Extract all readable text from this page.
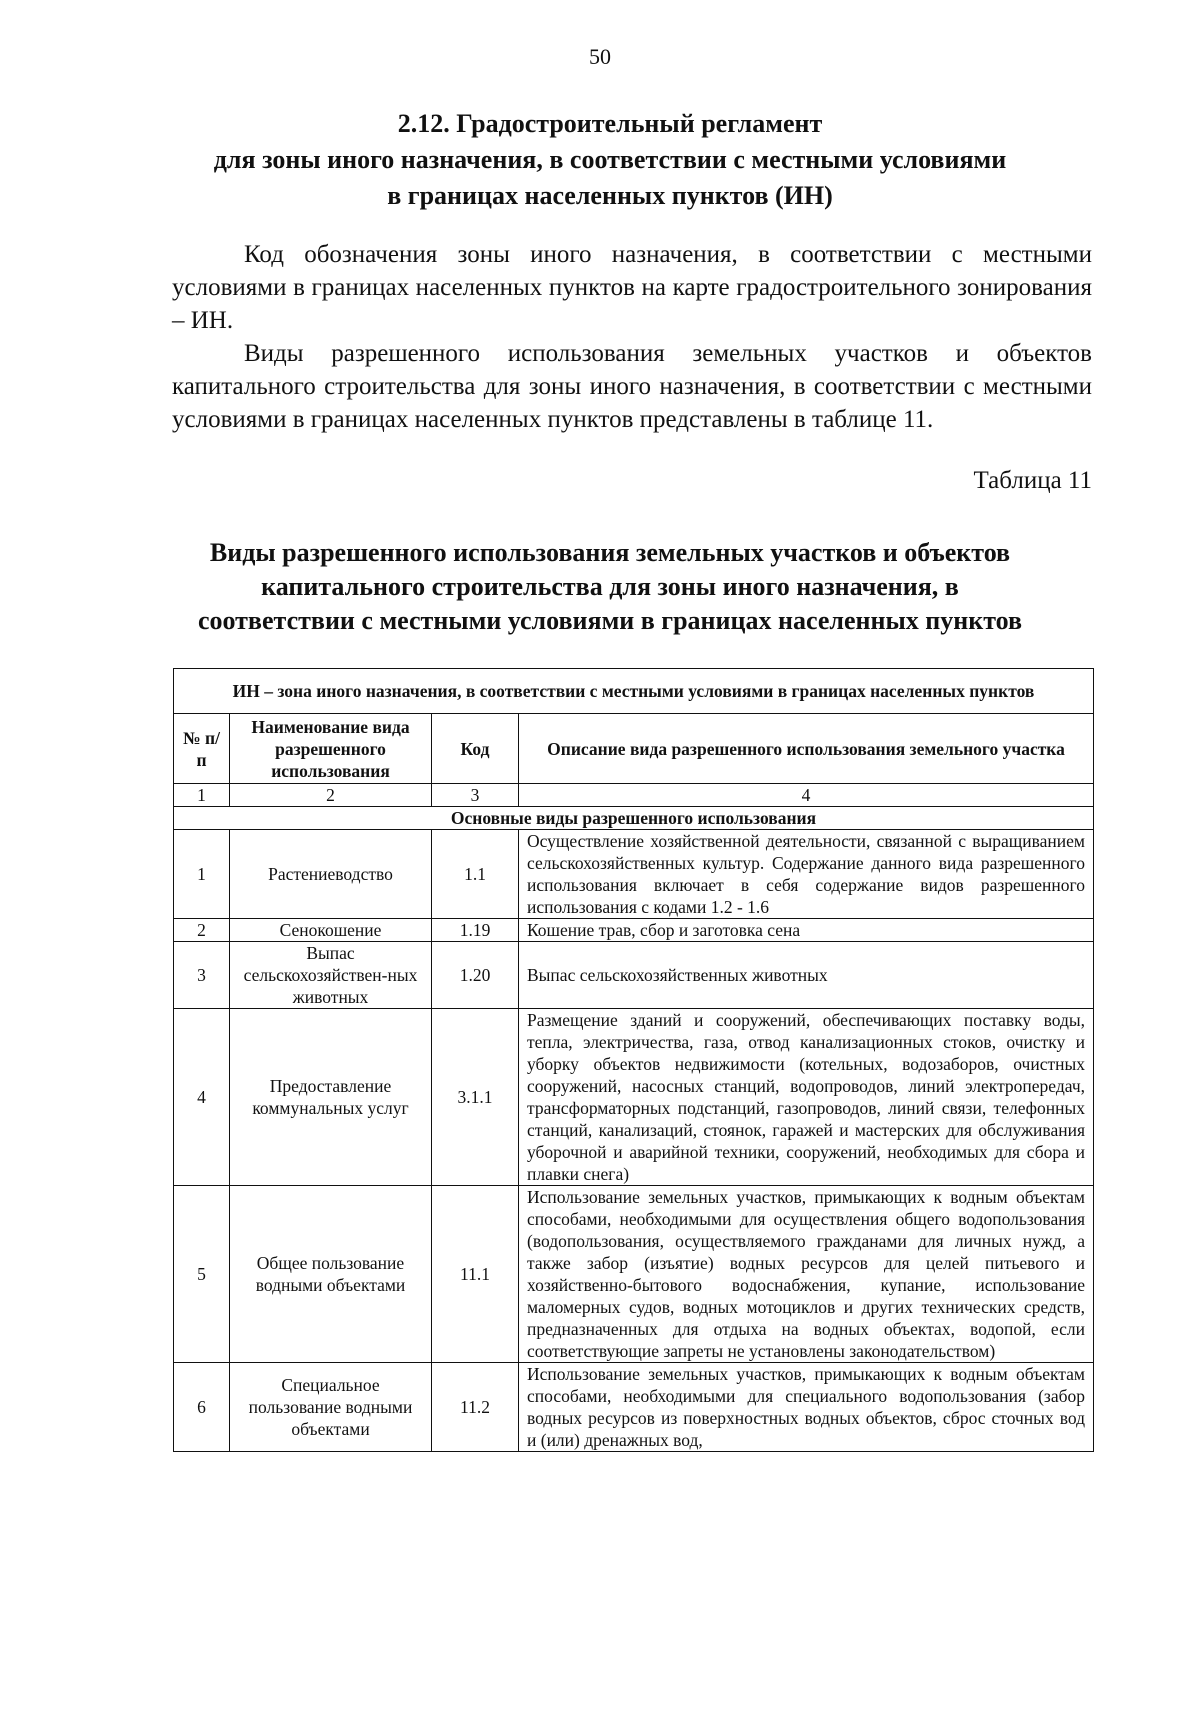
50
2.12. Градостроительный регламент
для зоны иного назначения, в соответствии с местными условиями
в границах населенных пунктов (ИН)

Код обозначения зоны иного назначения, в соответствии с местными условиями в границах населенных пунктов на карте градостроительного зонирования – ИН.

Виды разрешенного использования земельных участков и объектов капитального строительства для зоны иного назначения, в соответствии с местными условиями в границах населенных пунктов представлены в таблице 11.

Таблица 11
Виды разрешенного использования земельных участков и объектов
капитального строительства для зоны иного назначения, в
соответствии с местными условиями в границах населенных пунктов
ИН – зона иного назначения, в соответствии с местными условиями в границах населенных пунктов			
№ п/п	Наименование вида разрешенного использования	Код	Описание вида разрешенного использования земельного участка
1	2	3	4
Основные виды разрешенного использования			
1	Растениеводство	1.1	Осуществление хозяйственной деятельности, связанной с выращиванием сельскохозяйственных культур. Содержание данного вида разрешенного использования включает в себя содержание видов разрешенного использования с кодами 1.2 - 1.6
2	Сенокошение	1.19	Кошение трав, сбор и заготовка сена
3	Выпас сельскохозяйствен-ных животных	1.20	Выпас сельскохозяйственных животных
4	Предоставление коммунальных услуг	3.1.1	Размещение зданий и сооружений, обеспечивающих поставку воды, тепла, электричества, газа, отвод канализационных стоков, очистку и уборку объектов недвижимости (котельных, водозаборов, очистных сооружений, насосных станций, водопроводов, линий электропередач, трансформаторных подстанций, газопроводов, линий связи, телефонных станций, канализаций, стоянок, гаражей и мастерских для обслуживания уборочной и аварийной техники, сооружений, необходимых для сбора и плавки снега)
5	Общее пользование водными объектами	11.1	Использование земельных участков, примыкающих к водным объектам способами, необходимыми для осуществления общего водопользования (водопользования, осуществляемого гражданами для личных нужд, а также забор (изъятие) водных ресурсов для целей питьевого и хозяйственно-бытового водоснабжения, купание, использование маломерных судов, водных мотоциклов и других технических средств, предназначенных для отдыха на водных объектах, водопой, если соответствующие запреты не установлены законодательством)
6	Специальное пользование водными объектами	11.2	Использование земельных участков, примыкающих к водным объектам способами, необходимыми для специального водопользования (забор водных ресурсов из поверхностных водных объектов, сброс сточных вод и (или) дренажных вод,
